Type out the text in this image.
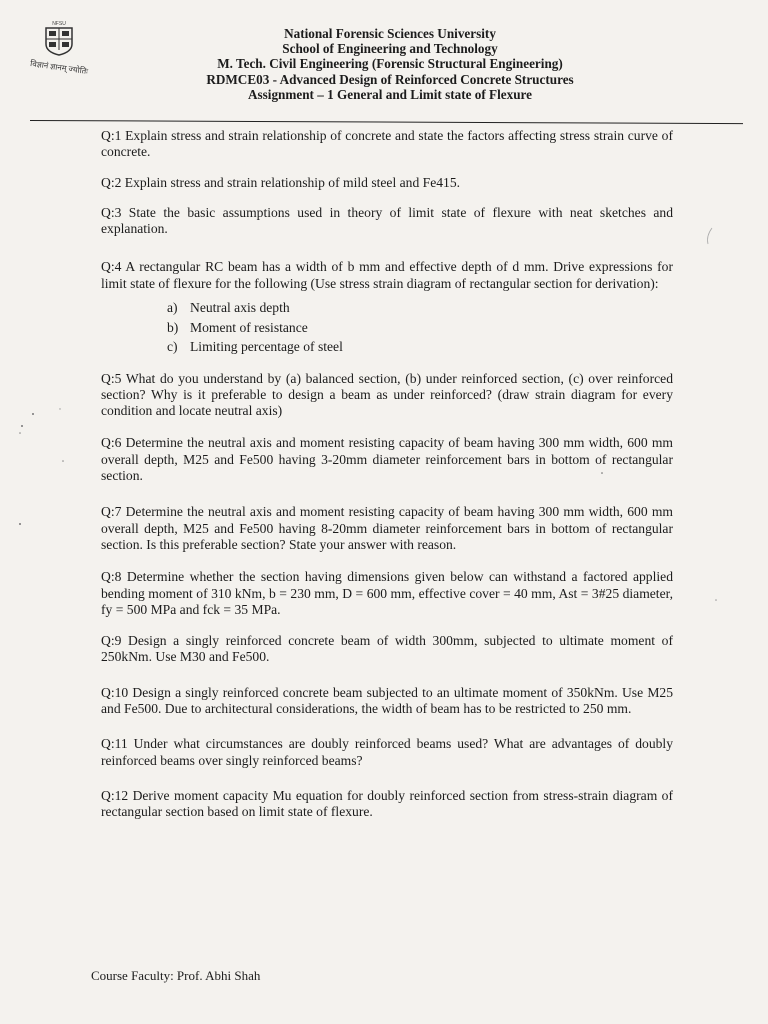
NFSU
विज्ञानं ज्ञानम् ज्योतिः
National Forensic Sciences University
School of Engineering and Technology
M. Tech. Civil Engineering (Forensic Structural Engineering)
RDMCE03 - Advanced Design of Reinforced Concrete Structures
Assignment – 1 General and Limit state of Flexure

Q:1 Explain stress and strain relationship of concrete and state the factors affecting stress strain curve of concrete.

Q:2 Explain stress and strain relationship of mild steel and Fe415.

Q:3 State the basic assumptions used in theory of limit state of flexure with neat sketches and explanation.

Q:4 A rectangular RC beam has a width of b mm and effective depth of d mm. Drive expressions for limit state of flexure for the following (Use stress strain diagram of rectangular section for derivation):

a) Neutral axis depth
b) Moment of resistance
c) Limiting percentage of steel

Q:5 What do you understand by (a) balanced section, (b) under reinforced section, (c) over reinforced section? Why is it preferable to design a beam as under reinforced? (draw strain diagram for every condition and locate neutral axis)

Q:6 Determine the neutral axis and moment resisting capacity of beam having 300 mm width, 600 mm overall depth, M25 and Fe500 having 3-20mm diameter reinforcement bars in bottom of rectangular section.

Q:7 Determine the neutral axis and moment resisting capacity of beam having 300 mm width, 600 mm overall depth, M25 and Fe500 having 8-20mm diameter reinforcement bars in bottom of rectangular section. Is this preferable section? State your answer with reason.

Q:8 Determine whether the section having dimensions given below can withstand a factored applied bending moment of 310 kNm, b = 230 mm, D = 600 mm, effective cover = 40 mm, Ast = 3#25 diameter, fy = 500 MPa and fck = 35 MPa.

Q:9 Design a singly reinforced concrete beam of width 300mm, subjected to ultimate moment of 250kNm. Use M30 and Fe500.

Q:10 Design a singly reinforced concrete beam subjected to an ultimate moment of 350kNm. Use M25 and Fe500. Due to architectural considerations, the width of beam has to be restricted to 250 mm.

Q:11 Under what circumstances are doubly reinforced beams used? What are advantages of doubly reinforced beams over singly reinforced beams?

Q:12 Derive moment capacity Mu equation for doubly reinforced section from stress-strain diagram of rectangular section based on limit state of flexure.

Course Faculty: Prof. Abhi Shah
